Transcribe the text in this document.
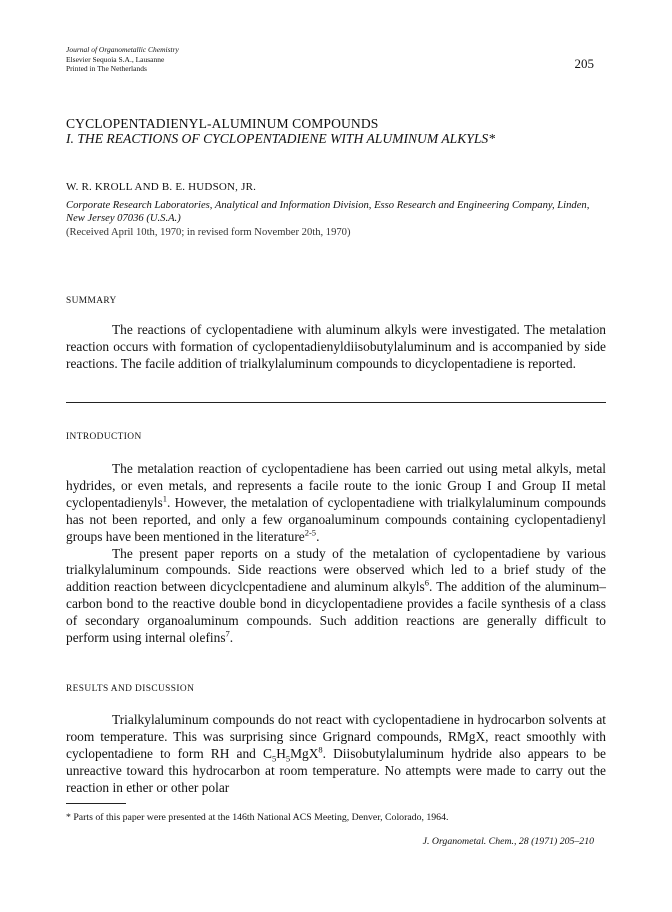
Journal of Organometallic Chemistry
Elsevier Sequoia S.A., Lausanne
Printed in The Netherlands	205
CYCLOPENTADIENYL-ALUMINUM COMPOUNDS
I. THE REACTIONS OF CYCLOPENTADIENE WITH ALUMINUM ALKYLS*
W. R. KROLL AND B. E. HUDSON, JR.
Corporate Research Laboratories, Analytical and Information Division, Esso Research and Engineering Company, Linden, New Jersey 07036 (U.S.A.)
(Received April 10th, 1970; in revised form November 20th, 1970)
SUMMARY

The reactions of cyclopentadiene with aluminum alkyls were investigated. The metalation reaction occurs with formation of cyclopentadienyldiisobutylaluminum and is accompanied by side reactions. The facile addition of trialkylaluminum compounds to dicyclopentadiene is reported.

INTRODUCTION

The metalation reaction of cyclopentadiene has been carried out using metal alkyls, metal hydrides, or even metals, and represents a facile route to the ionic Group I and Group II metal cyclopentadienyls$^1$. However, the metalation of cyclopentadiene with trialkylaluminum compounds has not been reported, and only a few organoaluminum compounds containing cyclopentadienyl groups have been mentioned in the literature$^{2-5}$.

The present paper reports on a study of the metalation of cyclopentadiene by various trialkylaluminum compounds. Side reactions were observed which led to a brief study of the addition reaction between dicyclcpentadiene and aluminum alkyls$^6$. The addition of the aluminum–carbon bond to the reactive double bond in dicyclopentadiene provides a facile synthesis of a class of secondary organoaluminum compounds. Such addition reactions are generally difficult to perform using internal olefins$^7$.

RESULTS AND DISCUSSION

Trialkylaluminum compounds do not react with cyclopentadiene in hydrocarbon solvents at room temperature. This was surprising since Grignard compounds, RMgX, react smoothly with cyclopentadiene to form RH and $C_5H_5MgX^8$. Diisobutylaluminum hydride also appears to be unreactive toward this hydrocarbon at room temperature. No attempts were made to carry out the reaction in ether or other polar

* Parts of this paper were presented at the 146th National ACS Meeting, Denver, Colorado, 1964.
J. Organometal. Chem., 28 (1971) 205–210
